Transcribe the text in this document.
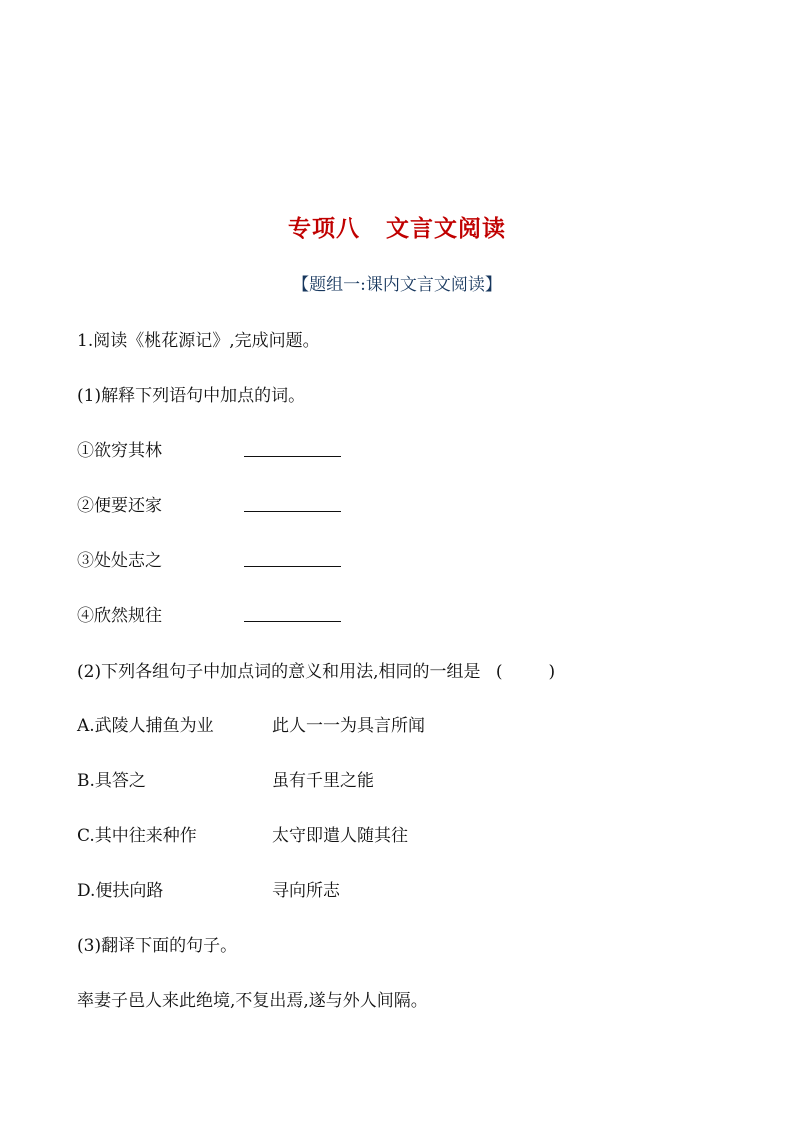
专项八 文言文阅读
【题组一:课内文言文阅读】
1.阅读《桃花源记》,完成问题。
(1)解释下列语句中加点的词。
①欲穷其林
②便要还家
③处处志之
④欣然规往
(2)下列各组句子中加点词的意义和用法,相同的一组是 (	)
A.武陵人捕鱼为业	此人一一为具言所闻
B.具答之	虽有千里之能
C.其中往来种作	太守即遣人随其往
D.便扶向路	寻向所志
(3)翻译下面的句子。
率妻子邑人来此绝境,不复出焉,遂与外人间隔。
